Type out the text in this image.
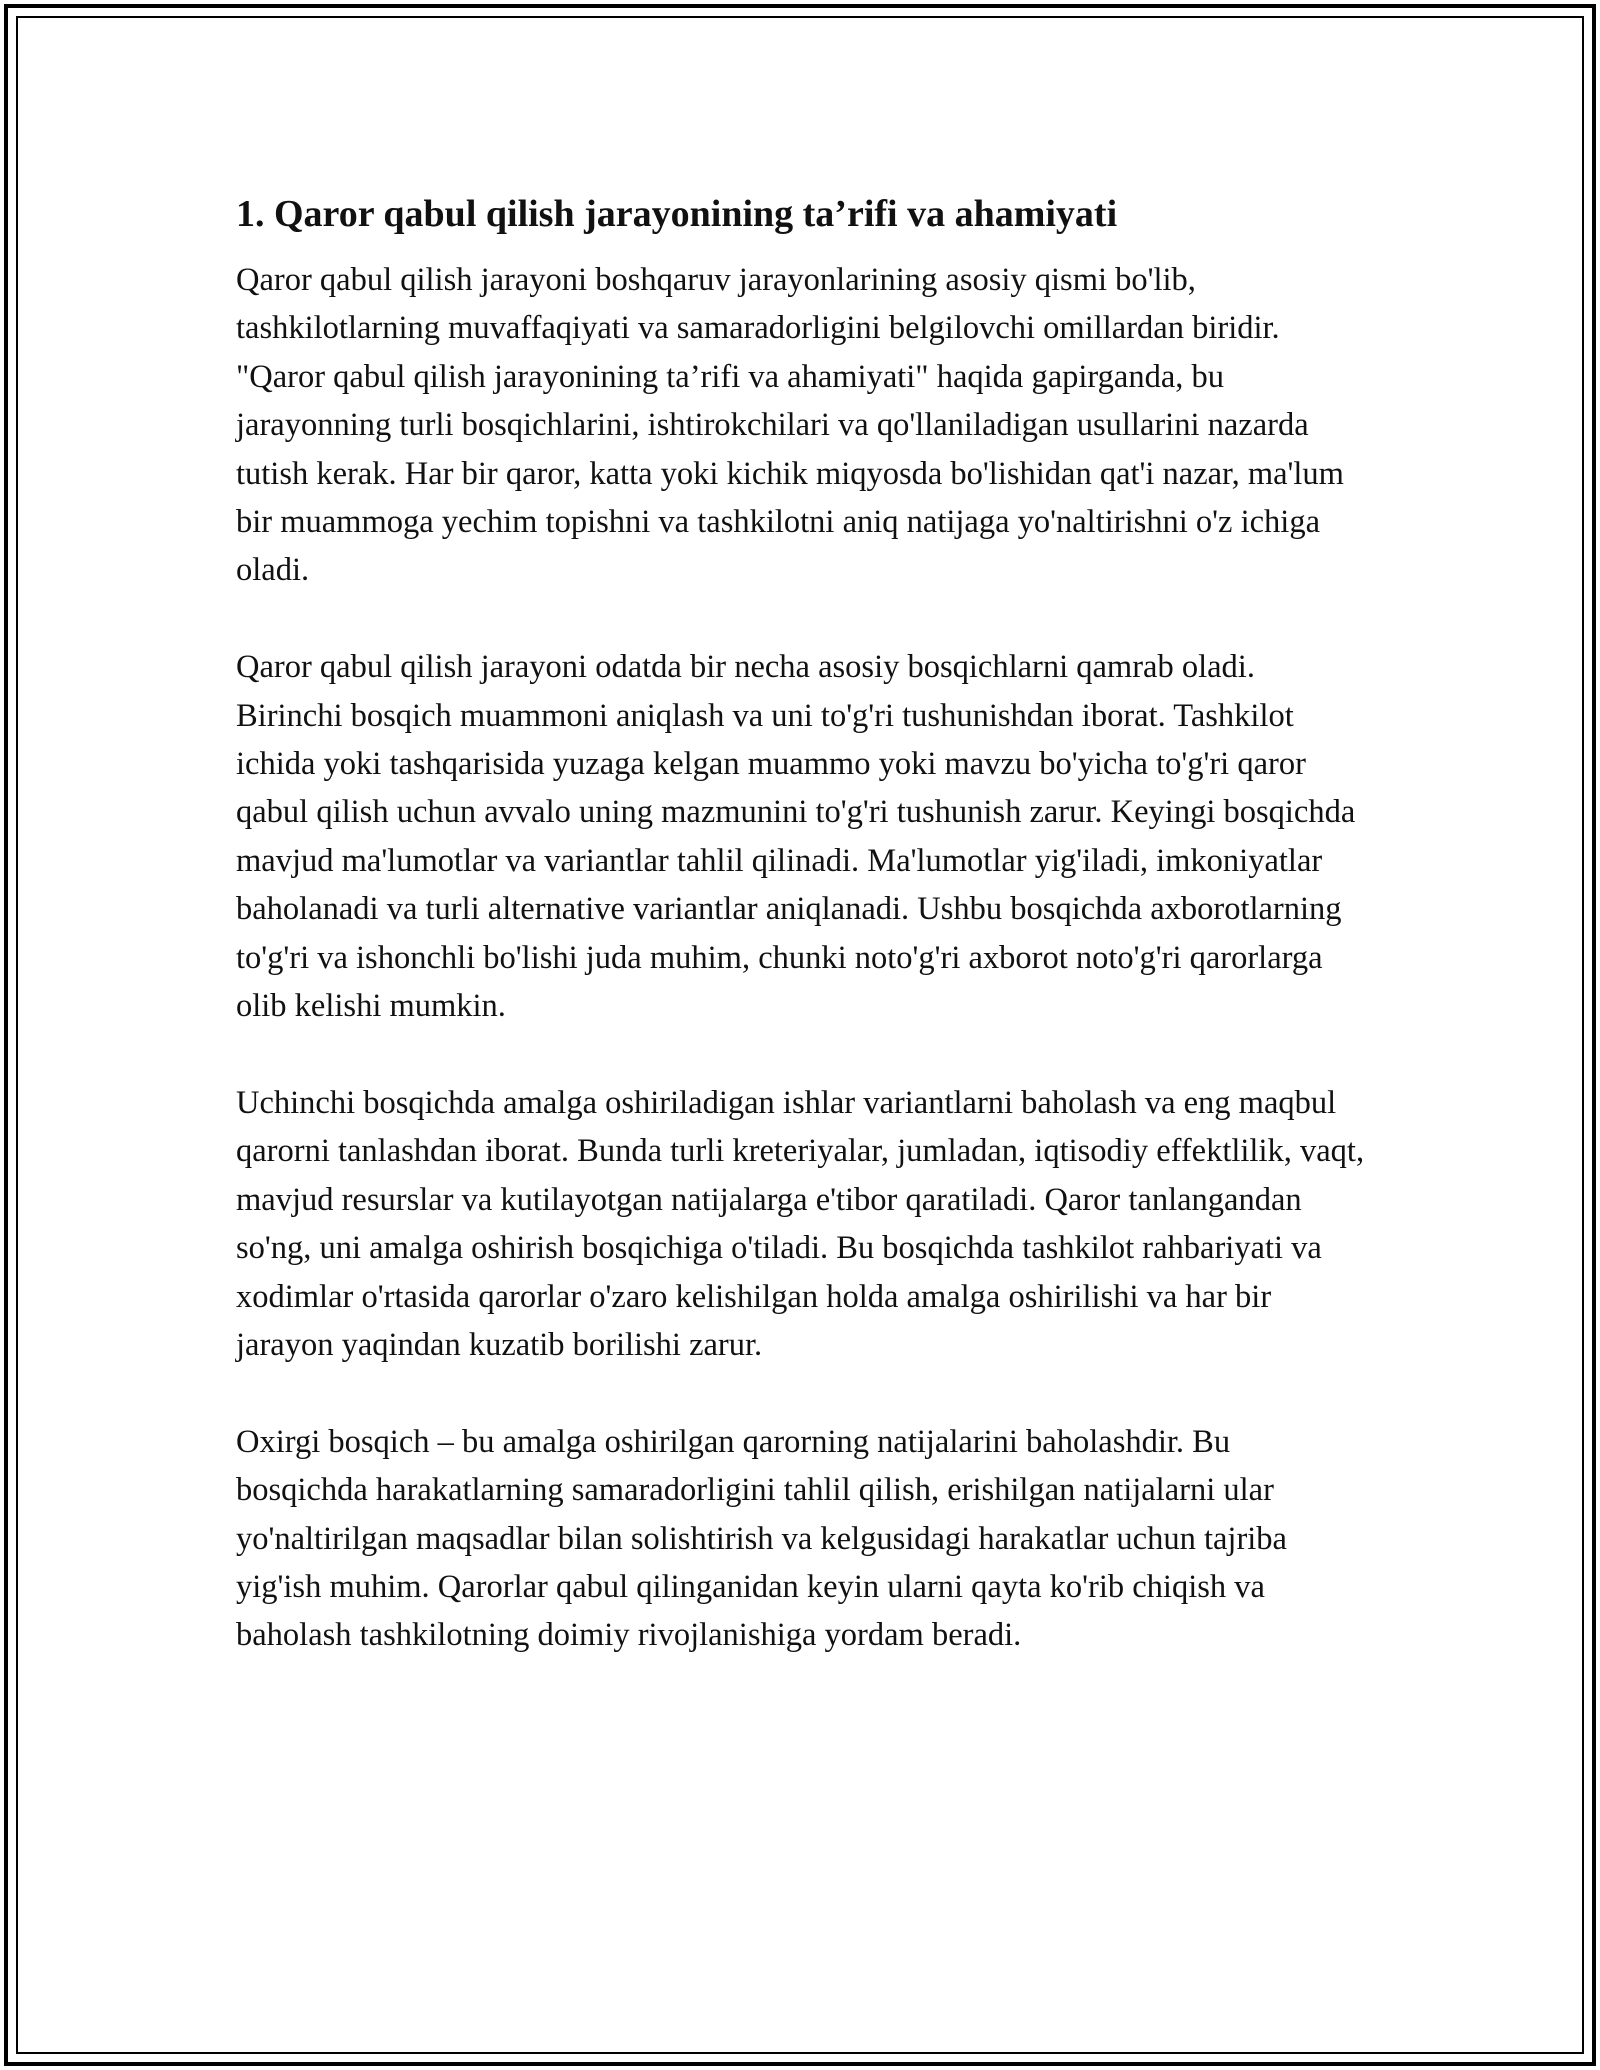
1. Qaror qabul qilish jarayonining ta’rifi va ahamiyati

Qaror qabul qilish jarayoni boshqaruv jarayonlarining asosiy qismi bo'lib, tashkilotlarning muvaffaqiyati va samaradorligini belgilovchi omillardan biridir. "Qaror qabul qilish jarayonining ta’rifi va ahamiyati" haqida gapirganda, bu jarayonning turli bosqichlarini, ishtirokchilari va qo'llaniladigan usullarini nazarda tutish kerak. Har bir qaror, katta yoki kichik miqyosda bo'lishidan qat'i nazar, ma'lum bir muammoga yechim topishni va tashkilotni aniq natijaga yo'naltirishni o'z ichiga oladi.

Qaror qabul qilish jarayoni odatda bir necha asosiy bosqichlarni qamrab oladi. Birinchi bosqich muammoni aniqlash va uni to'g'ri tushunishdan iborat. Tashkilot ichida yoki tashqarisida yuzaga kelgan muammo yoki mavzu bo'yicha to'g'ri qaror qabul qilish uchun avvalo uning mazmunini to'g'ri tushunish zarur. Keyingi bosqichda mavjud ma'lumotlar va variantlar tahlil qilinadi. Ma'lumotlar yig'iladi, imkoniyatlar baholanadi va turli alternative variantlar aniqlanadi. Ushbu bosqichda axborotlarning to'g'ri va ishonchli bo'lishi juda muhim, chunki noto'g'ri axborot noto'g'ri qarorlarga olib kelishi mumkin.

Uchinchi bosqichda amalga oshiriladigan ishlar variantlarni baholash va eng maqbul qarorni tanlashdan iborat. Bunda turli kreteriyalar, jumladan, iqtisodiy effektlilik, vaqt, mavjud resurslar va kutilayotgan natijalarga e'tibor qaratiladi. Qaror tanlangandan so'ng, uni amalga oshirish bosqichiga o'tiladi. Bu bosqichda tashkilot rahbariyati va xodimlar o'rtasida qarorlar o'zaro kelishilgan holda amalga oshirilishi va har bir jarayon yaqindan kuzatib borilishi zarur.

Oxirgi bosqich – bu amalga oshirilgan qarorning natijalarini baholashdir. Bu bosqichda harakatlarning samaradorligini tahlil qilish, erishilgan natijalarni ular yo'naltirilgan maqsadlar bilan solishtirish va kelgusidagi harakatlar uchun tajriba yig'ish muhim. Qarorlar qabul qilinganidan keyin ularni qayta ko'rib chiqish va baholash tashkilotning doimiy rivojlanishiga yordam beradi.
